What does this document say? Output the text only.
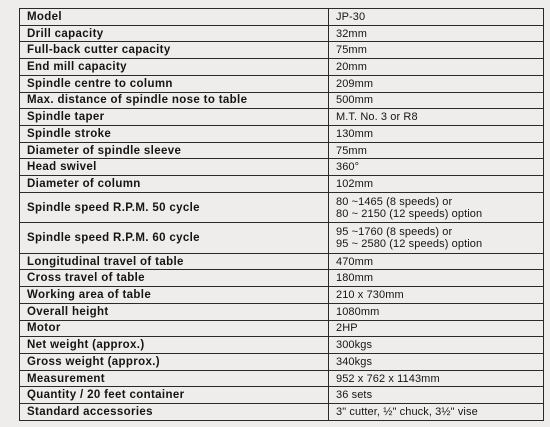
Model	JP-30

Drill capacity	32mm

Full-back cutter capacity	75mm

End mill capacity	20mm

Spindle centre to column	209mm

Max. distance of spindle nose to table	500mm

Spindle taper	M.T. No. 3 or R8

Spindle stroke	130mm

Diameter of spindle sleeve	75mm

Head swivel	360°

Diameter of column	102mm

Spindle speed R.P.M. 50 cycle	80 ~1465 (8 speeds) or
80 ~ 2150 (12 speeds) option

Spindle speed R.P.M. 60 cycle	95 ~1760 (8 speeds) or
95 ~ 2580 (12 speeds) option

Longitudinal travel of table	470mm

Cross travel of table	180mm

Working area of table	210 x 730mm

Overall height	1080mm

Motor	2HP

Net weight (approx.)	300kgs

Gross weight (approx.)	340kgs

Measurement	952 x 762 x 1143mm

Quantity / 20 feet container	36 sets

Standard accessories	3" cutter, ½" chuck, 3½" vise
